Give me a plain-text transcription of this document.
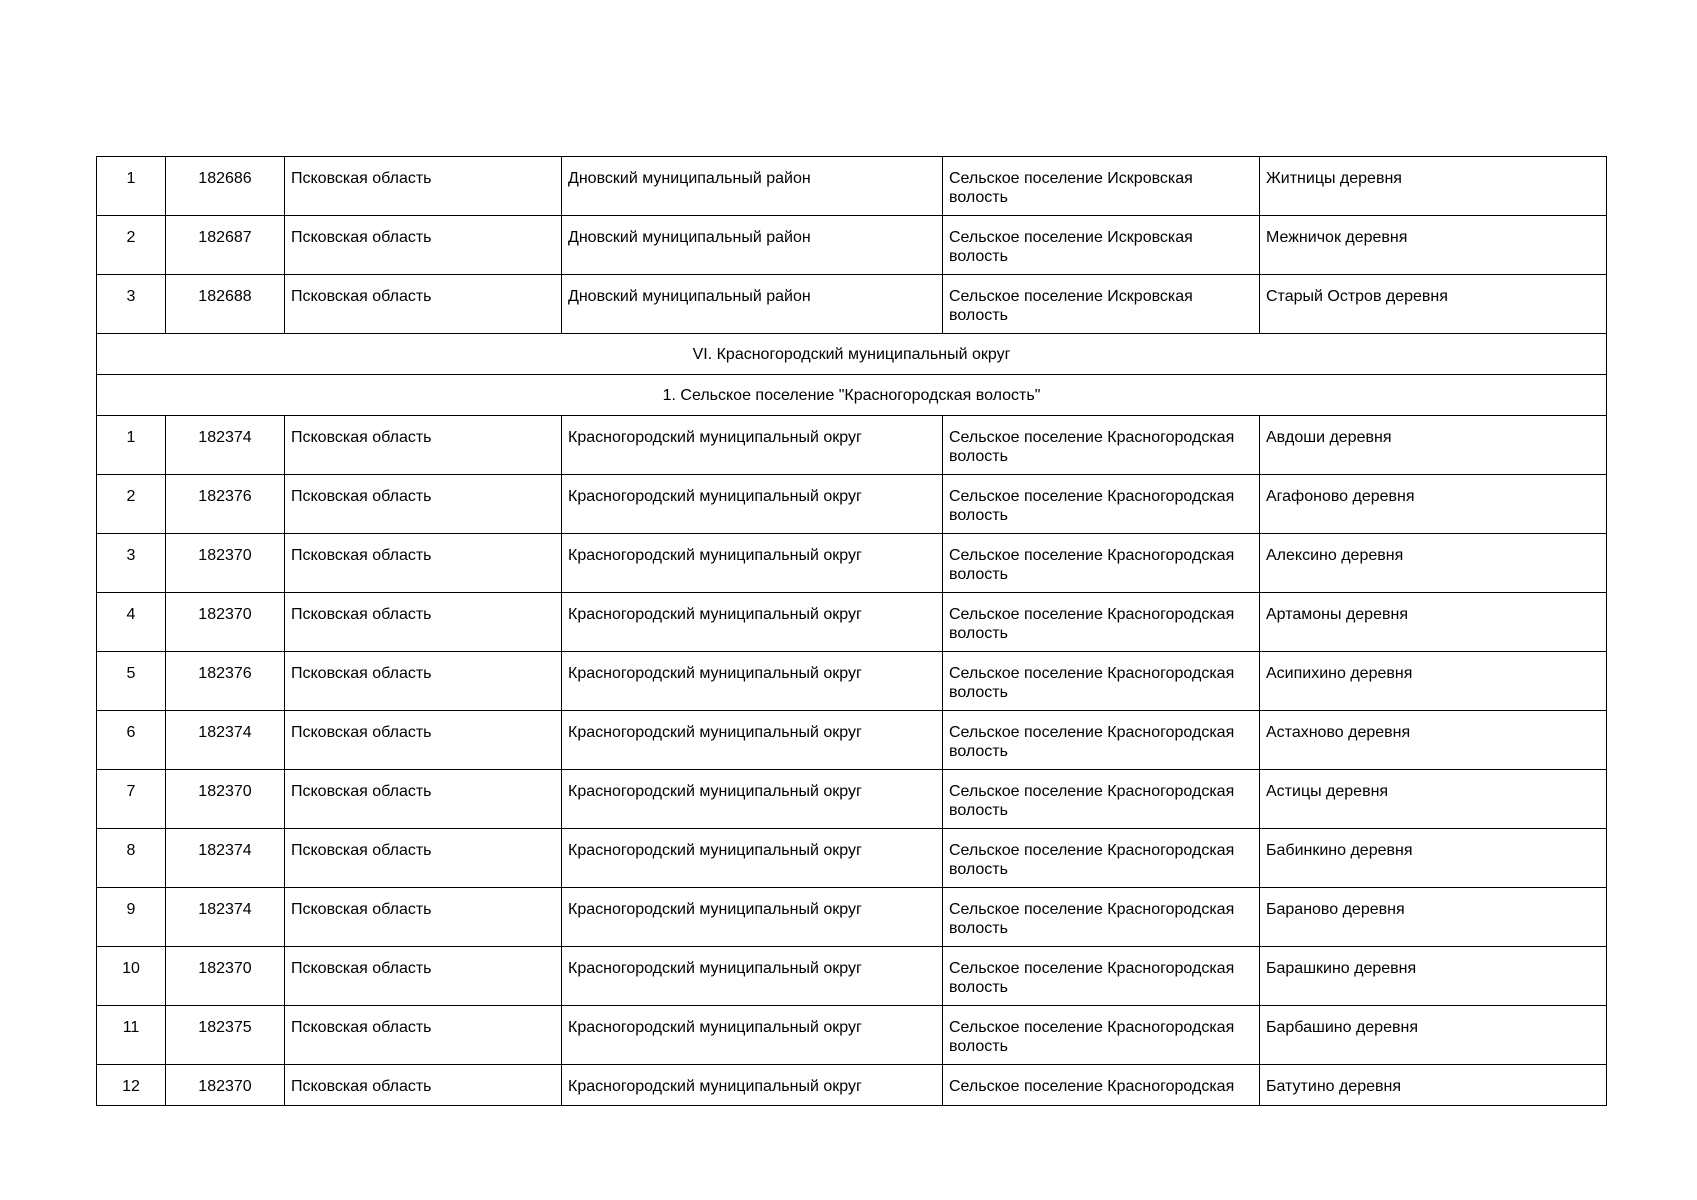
1	182686	Псковская область	Дновский муниципальный район	Сельское поселение Искровская волость	Житницы деревня
2	182687	Псковская область	Дновский муниципальный район	Сельское поселение Искровская волость	Межничок деревня
3	182688	Псковская область	Дновский муниципальный район	Сельское поселение Искровская волость	Старый Остров деревня
VI. Красногородский муниципальный округ					
1. Сельское поселение "Красногородская волость"					
1	182374	Псковская область	Красногородский муниципальный округ	Сельское поселение Красногородская волость	Авдоши деревня
2	182376	Псковская область	Красногородский муниципальный округ	Сельское поселение Красногородская волость	Агафоново деревня
3	182370	Псковская область	Красногородский муниципальный округ	Сельское поселение Красногородская волость	Алексино деревня
4	182370	Псковская область	Красногородский муниципальный округ	Сельское поселение Красногородская волость	Артамоны деревня
5	182376	Псковская область	Красногородский муниципальный округ	Сельское поселение Красногородская волость	Асипихино деревня
6	182374	Псковская область	Красногородский муниципальный округ	Сельское поселение Красногородская волость	Астахново деревня
7	182370	Псковская область	Красногородский муниципальный округ	Сельское поселение Красногородская волость	Астицы деревня
8	182374	Псковская область	Красногородский муниципальный округ	Сельское поселение Красногородская волость	Бабинкино деревня
9	182374	Псковская область	Красногородский муниципальный округ	Сельское поселение Красногородская волость	Бараново деревня
10	182370	Псковская область	Красногородский муниципальный округ	Сельское поселение Красногородская волость	Барашкино деревня
11	182375	Псковская область	Красногородский муниципальный округ	Сельское поселение Красногородская волость	Барбашино деревня
12	182370	Псковская область	Красногородский муниципальный округ	Сельское поселение Красногородская	Батутино деревня
